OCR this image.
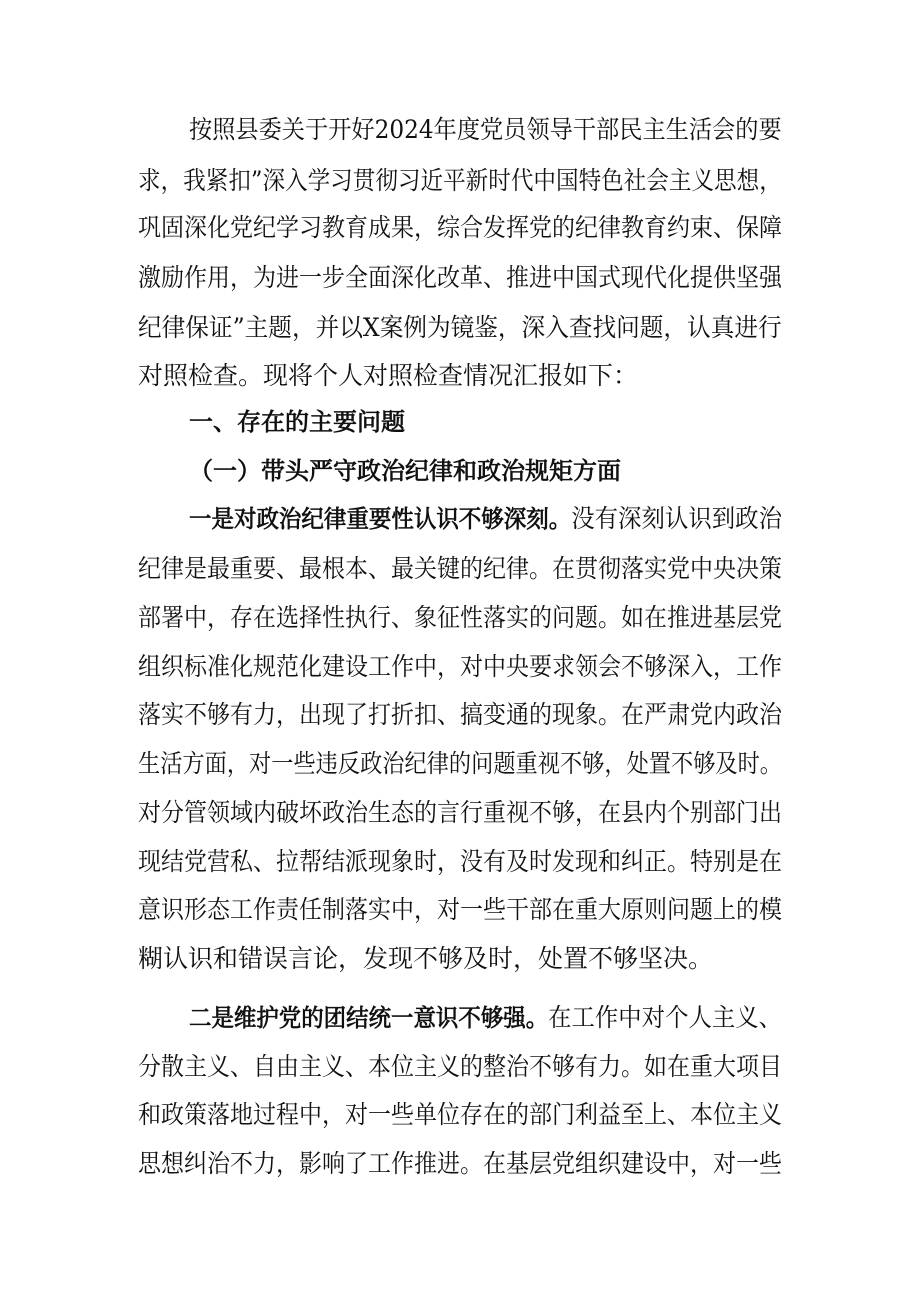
按照县委关于开好2024年度党员领导干部民主生活会的要
求，我紧扣”深入学习贯彻习近平新时代中国特色社会主义思想，
巩固深化党纪学习教育成果，综合发挥党的纪律教育约束、保障
激励作用，为进一步全面深化改革、推进中国式现代化提供坚强
纪律保证”主题，并以X案例为镜鉴，深入查找问题，认真进行
对照检查。现将个人对照检查情况汇报如下：
一、存在的主要问题
（一）带头严守政治纪律和政治规矩方面
一是对政治纪律重要性认识不够深刻。没有深刻认识到政治
纪律是最重要、最根本、最关键的纪律。在贯彻落实党中央决策
部署中，存在选择性执行、象征性落实的问题。如在推进基层党
组织标准化规范化建设工作中，对中央要求领会不够深入，工作
落实不够有力，出现了打折扣、搞变通的现象。在严肃党内政治
生活方面，对一些违反政治纪律的问题重视不够，处置不够及时。
对分管领域内破坏政治生态的言行重视不够，在县内个别部门出
现结党营私、拉帮结派现象时，没有及时发现和纠正。特别是在
意识形态工作责任制落实中，对一些干部在重大原则问题上的模
糊认识和错误言论，发现不够及时，处置不够坚决。
二是维护党的团结统一意识不够强。在工作中对个人主义、
分散主义、自由主义、本位主义的整治不够有力。如在重大项目
和政策落地过程中，对一些单位存在的部门利益至上、本位主义
思想纠治不力，影响了工作推进。在基层党组织建设中，对一些
